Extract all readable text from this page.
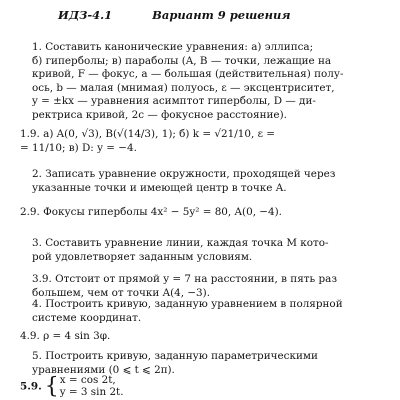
ИДЗ-4.1	Вариант 9 решения
1. Составить канонические уравнения: а) эллипса;
б) гиперболы; в) параболы (A, B — точки, лежащие на
кривой, F — фокус, a — большая (действительная) полу-
ось, b — малая (мнимая) полуось, ε — эксцентриситет,
y = ±kx — уравнения асимптот гиперболы, D — ди-
ректриса кривой, 2c — фокусное расстояние).
1.9. а) A(0, √3), B(√(14/3), 1); б) k = √21/10, ε =
= 11/10; в) D: y = −4.
2. Записать уравнение окружности, проходящей через
указанные точки и имеющей центр в точке A.
2.9. Фокусы гиперболы 4x² − 5y² = 80, A(0, −4).
3. Составить уравнение линии, каждая точка M кото-
рой удовлетворяет заданным условиям.
3.9. Отстоит от прямой y = 7 на расстоянии, в пять раз
большем, чем от точки A(4, −3).
4. Построить кривую, заданную уравнением в полярной
системе координат.
4.9. ρ = 4 sin 3φ.
5. Построить кривую, заданную параметрическими
уравнениями (0 ⩽ t ⩽ 2π).
5.9. { x = cos 2t,
y = 3 sin 2t.
